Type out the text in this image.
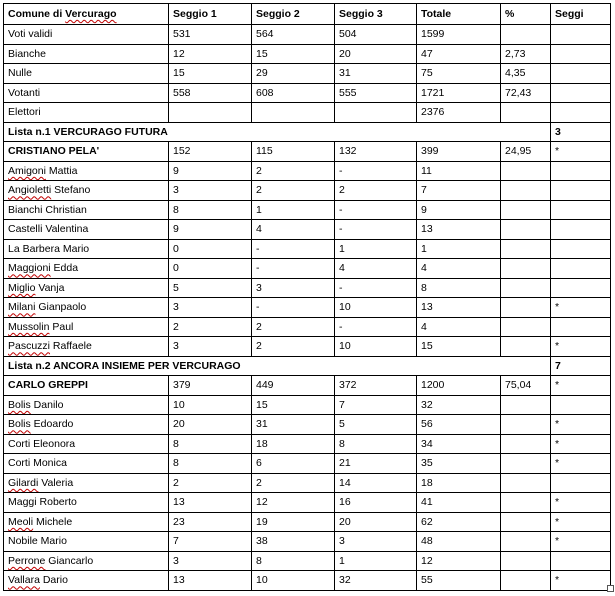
Comune di Vercurago	Seggio 1	Seggio 2	Seggio 3	Totale	%	Seggi
Voti validi	531	564	504	1599		
Bianche	12	15	20	47	2,73	
Nulle	15	29	31	75	4,35	
Votanti	558	608	555	1721	72,43	
Elettori				2376		
Lista n.1 VERCURAGO FUTURA						3
CRISTIANO PELA'	152	115	132	399	24,95	*
Amigoni Mattia	9	2	-	11		
Angioletti Stefano	3	2	2	7		
Bianchi Christian	8	1	-	9		
Castelli Valentina	9	4	-	13		
La Barbera Mario	0	-	1	1		
Maggioni Edda	0	-	4	4		
Miglio Vanja	5	3	-	8		
Milani Gianpaolo	3	-	10	13		*
Mussolin Paul	2	2	-	4		
Pascuzzi Raffaele	3	2	10	15		*
Lista n.2 ANCORA INSIEME PER VERCURAGO						7
CARLO GREPPI	379	449	372	1200	75,04	*
Bolis Danilo	10	15	7	32		
Bolis Edoardo	20	31	5	56		*
Corti Eleonora	8	18	8	34		*
Corti Monica	8	6	21	35		*
Gilardi Valeria	2	2	14	18		
Maggi Roberto	13	12	16	41		*
Meoli Michele	23	19	20	62		*
Nobile Mario	7	38	3	48		*
Perrone Giancarlo	3	8	1	12		
Vallara Dario	13	10	32	55		*
